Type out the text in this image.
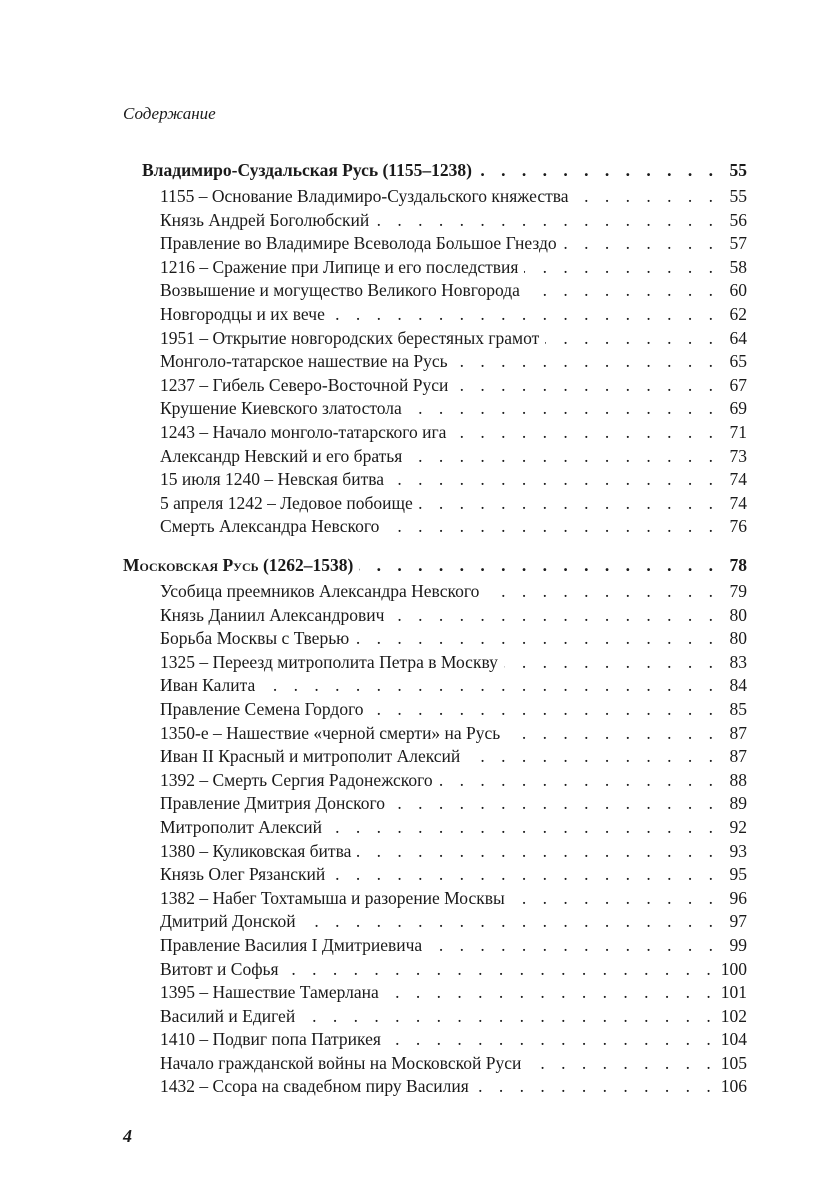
Содержание
Владимиро-Суздальская Русь (1155–1238) . . .	55
1155 – Основание Владимиро-Суздальского княжества . . .	55
Князь Андрей Боголюбский . . .	56
Правление во Владимире Всеволода Большое Гнездо . . .	57
1216 – Сражение при Липице и его последствия . . .	58
Возвышение и могущество Великого Новгорода . . .	60
Новгородцы и их вече . . .	62
1951 – Открытие новгородских берестяных грамот . . .	64
Монголо-татарское нашествие на Русь . . .	65
1237 – Гибель Северо-Восточной Руси . . .	67
Крушение Киевского златостола . . .	69
1243 – Начало монголо-татарского ига . . .	71
Александр Невский и его братья . . .	73
15 июля 1240 – Невская битва . . .	74
5 апреля 1242 – Ледовое побоище . . .	74
Смерть Александра Невского . . .	76
Московская Русь (1262–1538) . . .	78
Усобица преемников Александра Невского . . .	79
Князь Даниил Александрович . . .	80
Борьба Москвы с Тверью . . .	80
1325 – Переезд митрополита Петра в Москву . . .	83
Иван Калита . . .	84
Правление Семена Гордого . . .	85
1350-е – Нашествие «черной смерти» на Русь . . .	87
Иван II Красный и митрополит Алексий . . .	87
1392 – Смерть Сергия Радонежского . . .	88
Правление Дмитрия Донского . . .	89
Митрополит Алексий . . .	92
1380 – Куликовская битва . . .	93
Князь Олег Рязанский . . .	95
1382 – Набег Тохтамыша и разорение Москвы . . .	96
Дмитрий Донской . . .	97
Правление Василия I Дмитриевича . . .	99
Витовт и Софья . . .	100
1395 – Нашествие Тамерлана . . .	101
Василий и Едигей . . .	102
1410 – Подвиг попа Патрикея . . .	104
Начало гражданской войны на Московской Руси . . .	105
1432 – Ссора на свадебном пиру Василия . . .	106
4
